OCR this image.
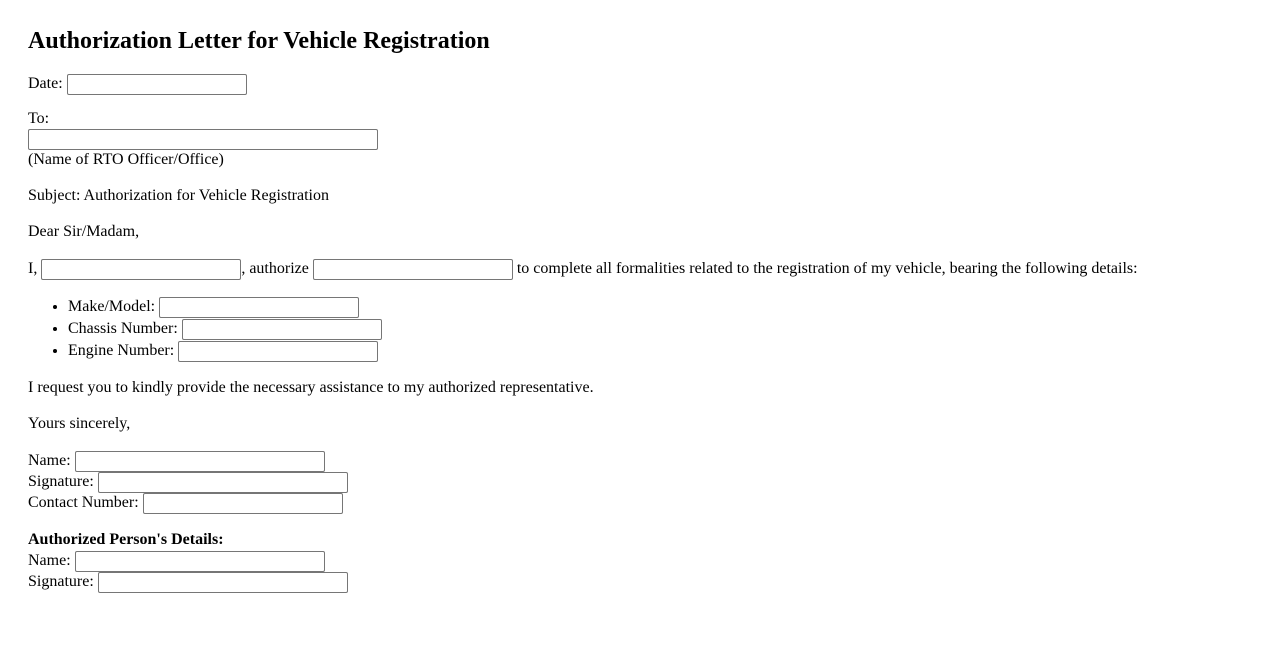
Authorization Letter for Vehicle Registration

Date:

To:
(Name of RTO Officer/Office)

Subject: Authorization for Vehicle Registration

Dear Sir/Madam,

I,	, authorize	to complete all formalities related to the registration of my vehicle, bearing the following details:

• Make/Model:
• Chassis Number:
• Engine Number:

I request you to kindly provide the necessary assistance to my authorized representative.

Yours sincerely,

Name:
Signature:
Contact Number:
Authorized Person's Details:
Name:
Signature:
